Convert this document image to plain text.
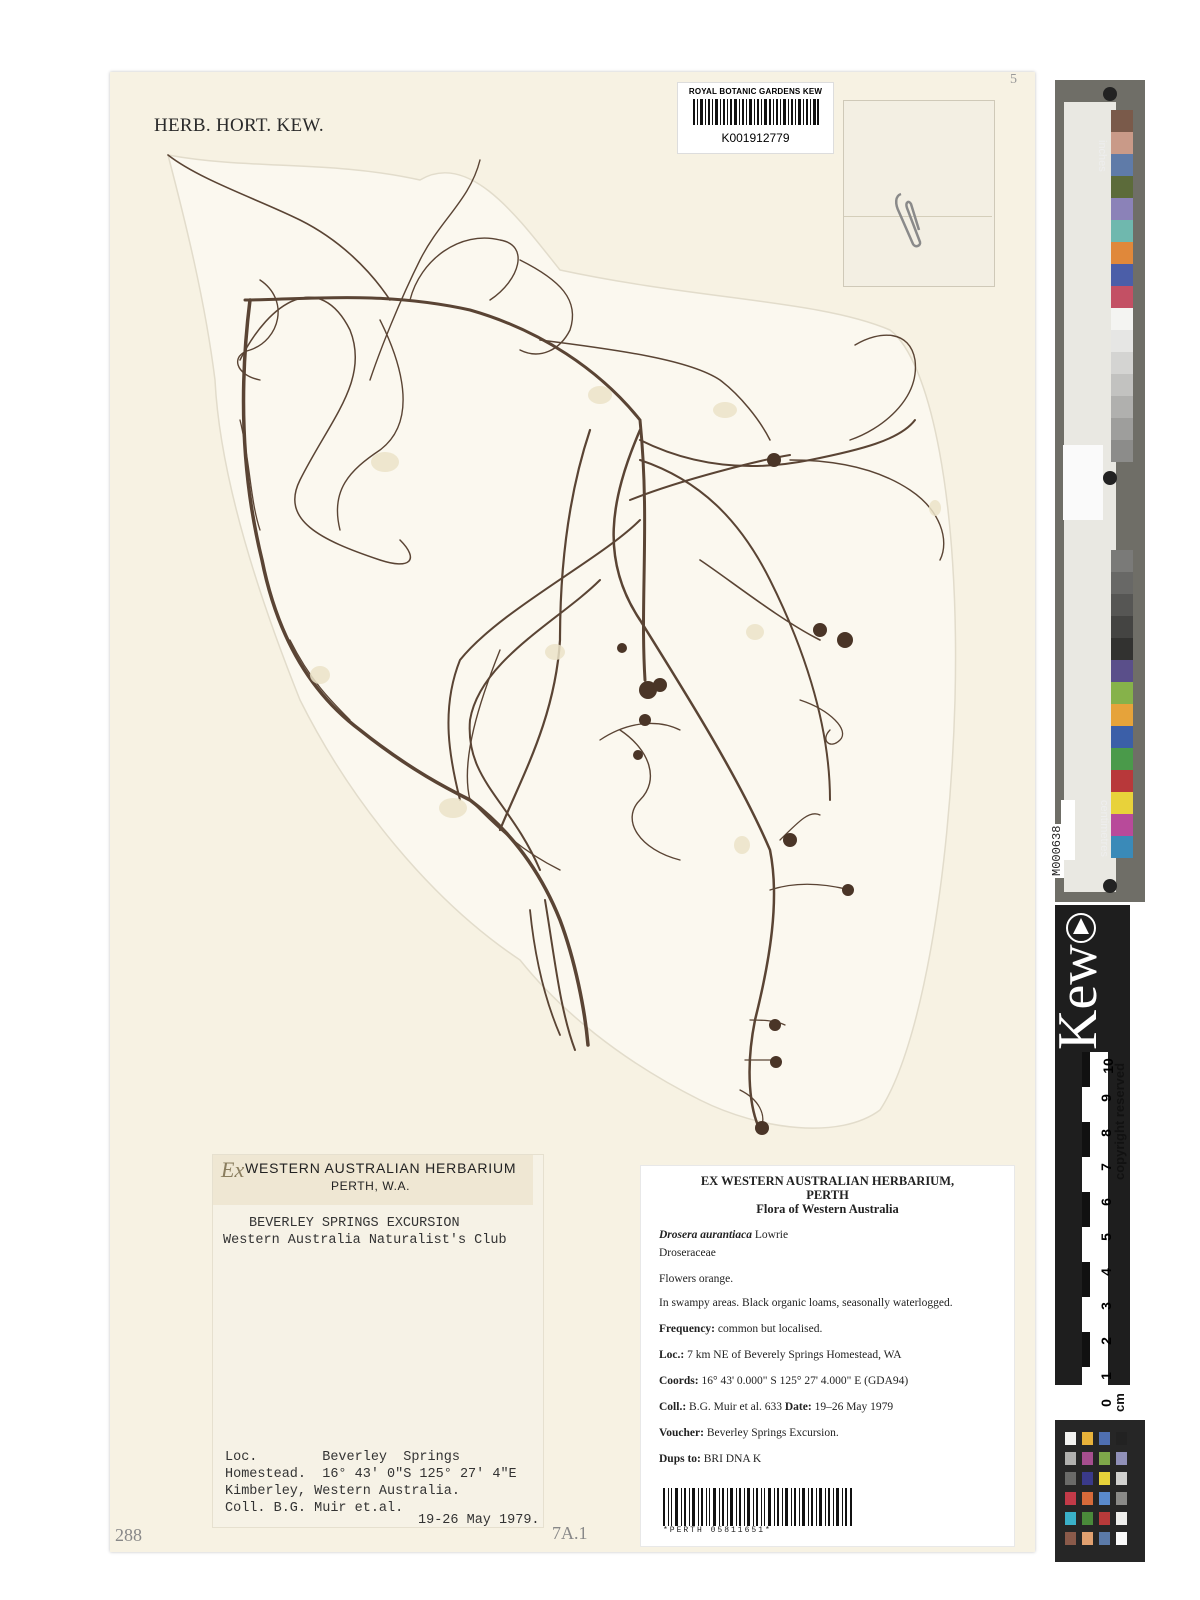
HERB. HORT. KEW.
5
ROYAL BOTANIC GARDENS KEW
K001912779
Ex WESTERN AUSTRALIAN HERBARIUM
PERTH, W.A.
BEVERLEY SPRINGS EXCURSION
Western Australia Naturalist's Club
Loc.        Beverley  Springs
Homestead.  16° 43' 0"S 125° 27' 4"E
Kimberley, Western Australia.
Coll. B.G. Muir et.al.
19-26 May 1979.
EX WESTERN AUSTRALIAN HERBARIUM,
PERTH
Flora of Western Australia
Drosera aurantiaca Lowrie
Droseraceae
Flowers orange.
In swampy areas. Black organic loams, seasonally waterlogged.
Frequency: common but localised.
Loc.: 7 km NE of Beverely Springs Homestead, WA
Coords: 16° 43' 0.000" S 125° 27' 4.000" E (GDA94)
Coll.: B.G. Muir et al. 633 Date: 19–26 May 1979
Voucher: Beverley Springs Excursion.
Dups to: BRI DNA K
*PERTH 05811651*
288	7A.1
inches
centimetres
M000638
Kew
10
9
8
7
6
5
4
3
2
1
0
copyright reserved
cm
